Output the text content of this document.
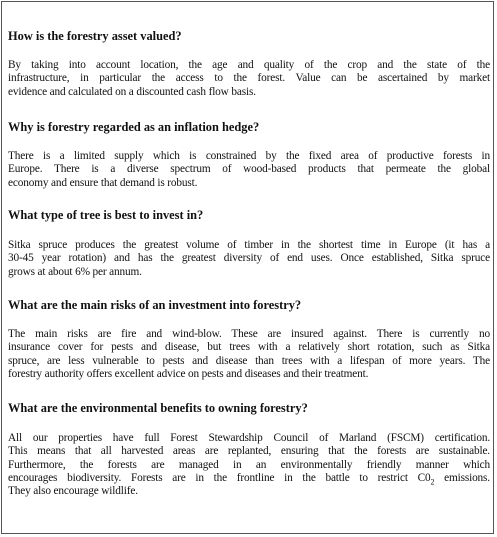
How is the forestry asset valued?
By taking into account location, the age and quality of the crop and the state of the
infrastructure, in particular the access to the forest. Value can be ascertained by market
evidence and calculated on a discounted cash flow basis.
Why is forestry regarded as an inflation hedge?
There is a limited supply which is constrained by the fixed area of productive forests in
Europe. There is a diverse spectrum of wood-based products that permeate the global
economy and ensure that demand is robust.
What type of tree is best to invest in?
Sitka spruce produces the greatest volume of timber in the shortest time in Europe (it has a
30-45 year rotation) and has the greatest diversity of end uses. Once established, Sitka spruce
grows at about 6% per annum.
What are the main risks of an investment into forestry?
The main risks are fire and wind-blow. These are insured against. There is currently no
insurance cover for pests and disease, but trees with a relatively short rotation, such as Sitka
spruce, are less vulnerable to pests and disease than trees with a lifespan of more years. The
forestry authority offers excellent advice on pests and diseases and their treatment.
What are the environmental benefits to owning forestry?
All our properties have full Forest Stewardship Council of Marland (FSCM) certification.
This means that all harvested areas are replanted, ensuring that the forests are sustainable.
Furthermore, the forests are managed in an environmentally friendly manner which
encourages biodiversity. Forests are in the frontline in the battle to restrict $C0_2$ emissions.
They also encourage wildlife.
